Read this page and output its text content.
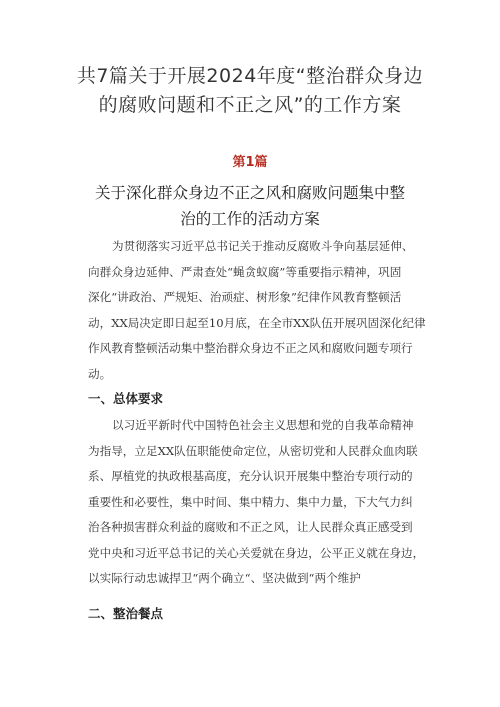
共7篇关于开展2024年度“整治群众身边
的腐败问题和不正之风”的工作方案
第1篇
关于深化群众身边不正之风和腐败问题集中整
治的工作的活动方案
为贯彻落实习近平总书记关于推动反腐败斗争向基层延伸、
向群众身边延伸、严肃查处“蝇贪蚁腐”等重要指示精神，巩固
深化“讲政治、严规矩、治顽症、树形象”纪律作风教育整顿活
动，XX局决定即日起至10月底，在全市XX队伍开展巩固深化纪律
作风教育整顿活动集中整治群众身边不正之风和腐败问题专项行
动。
一、总体要求
以习近平新时代中国特色社会主义思想和党的自我革命精神
为指导，立足XX队伍职能使命定位，从密切党和人民群众血肉联
系、厚植党的执政根基高度，充分认识开展集中整治专项行动的
重要性和必要性，集中时间、集中精力、集中力量，下大气力纠
治各种损害群众利益的腐败和不正之风，让人民群众真正感受到
党中央和习近平总书记的关心关爱就在身边，公平正义就在身边，
以实际行动忠诚捍卫“两个确立“、坚决做到“两个维护
二、整治餐点
